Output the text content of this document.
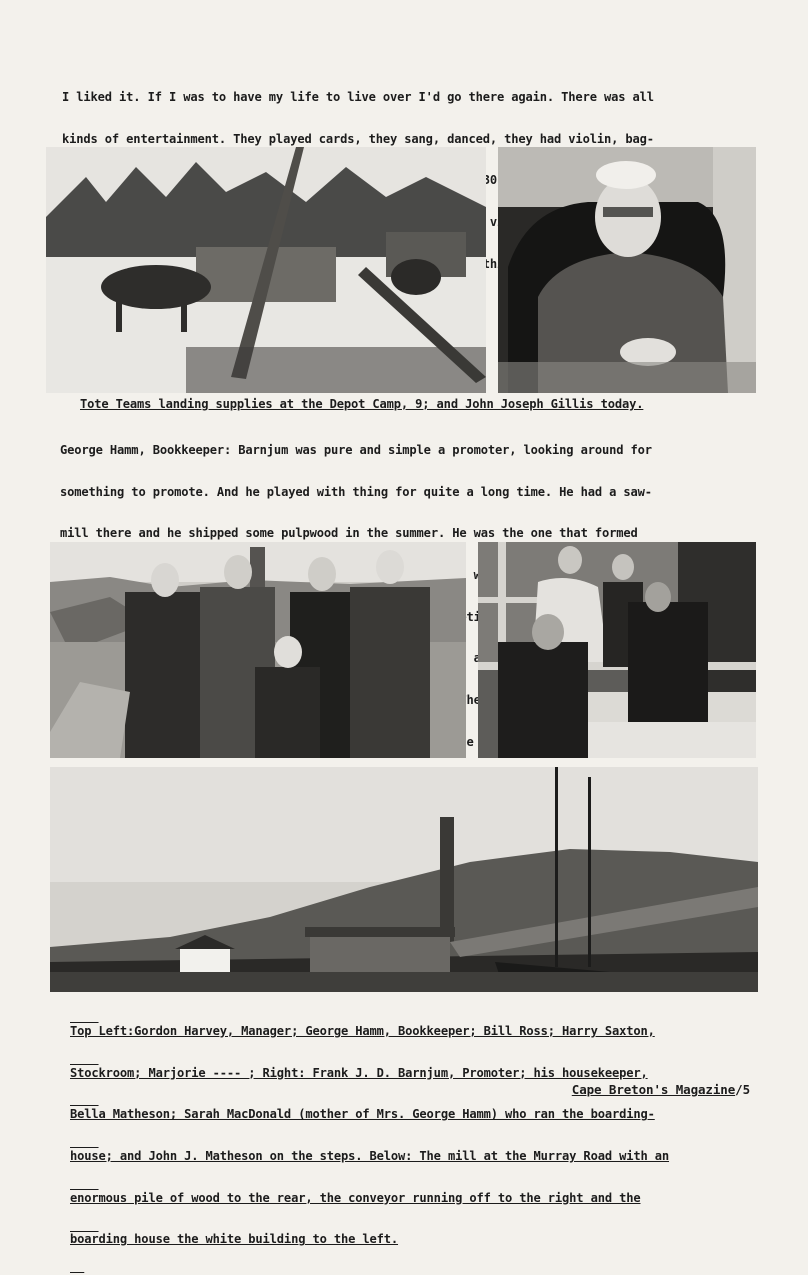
I liked it. If I was to have my life to live over I'd go there again. There was all

kinds of entertainment. They played cards, they sang, danced, they had violin, bag-

30

Tote Teams landing supplies at the Depot Camp, 9; and John Joseph Gillis today.

George Hamm, Bookkeeper: Barnjum was pure and simple a promoter, looking around for

something to promote. And he played with thing for quite a long time. He had a saw-

mill there and he shipped some pulpwood in the summer. He was the one that formed

Sometimes

He

Top Left:Gordon Harvey, Manager; George Hamm, Bookkeeper; Bill Ross; Harry Saxton,

Stockroom; Marjorie ---- ; Right: Frank J. D. Barnjum, Promoter; his housekeeper,

Bella Matheson; Sarah MacDonald (mother of Mrs. George Hamm) who ran the boarding-

house; and John J. Matheson on the steps. Below: The mill at the Murray Road with an

enormous pile of wood to the rear, the conveyor running off to the right and the

boarding house the white building to the left.

Cape Breton's Magazine/5
